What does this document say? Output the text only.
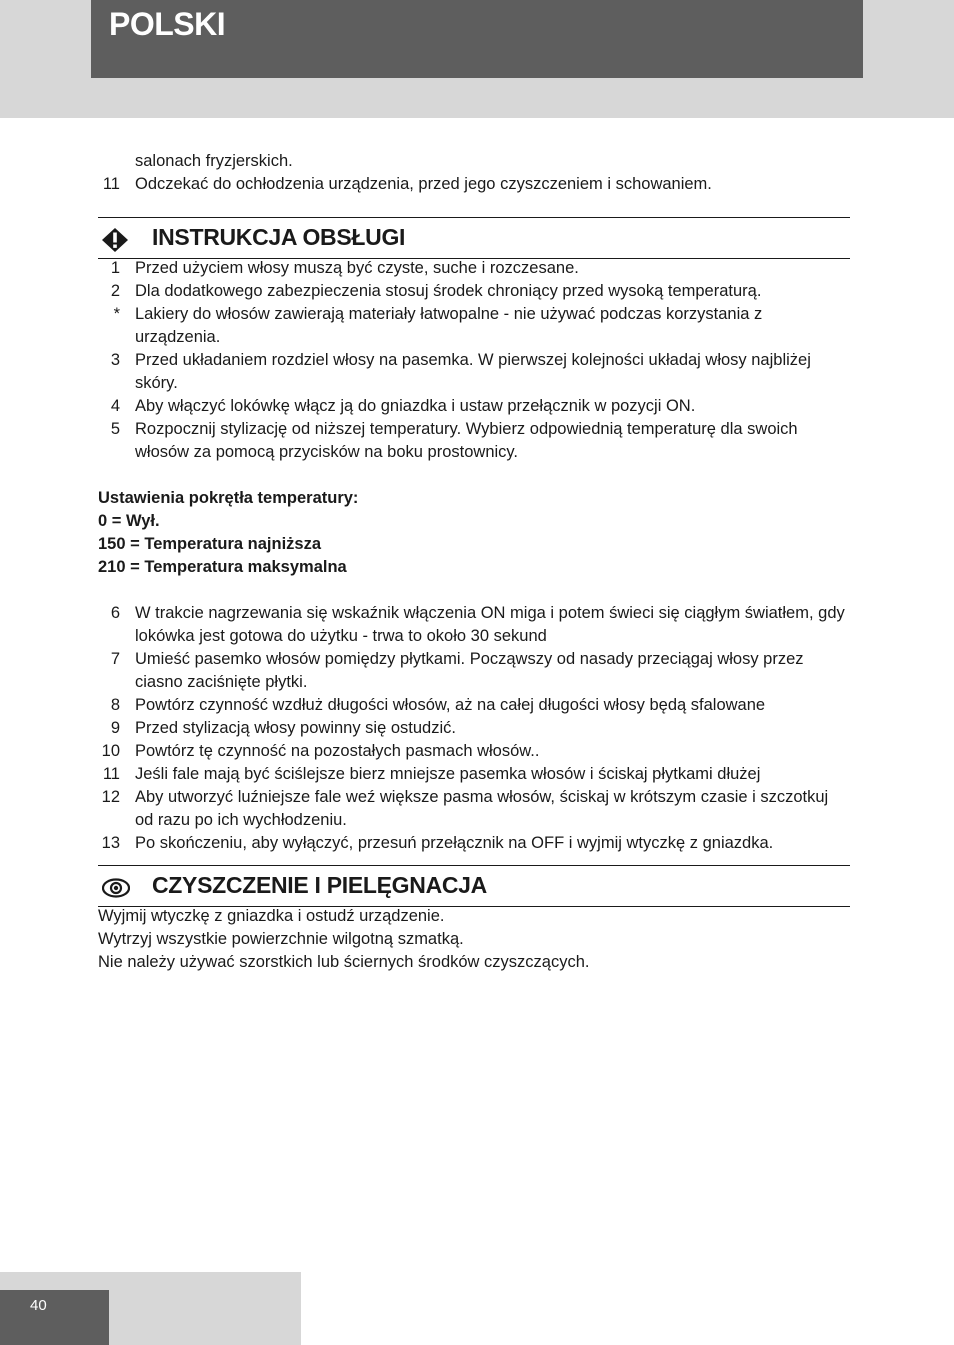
POLSKI
salonach fryzjerskich.
11 Odczekać do ochłodzenia urządzenia, przed jego czyszczeniem i schowaniem.
INSTRUKCJA OBSŁUGI
1 Przed użyciem włosy muszą być czyste, suche i rozczesane.
2 Dla dodatkowego zabezpieczenia stosuj środek chroniący przed wysoką temperaturą.
* Lakiery do włosów zawierają materiały łatwopalne - nie używać podczas korzystania z urządzenia.
3 Przed układaniem rozdziel włosy na pasemka. W pierwszej kolejności układaj włosy najbliżej skóry.
4 Aby włączyć lokówkę włącz ją do gniazdka i ustaw przełącznik w pozycji ON.
5 Rozpocznij stylizację od niższej temperatury. Wybierz odpowiednią temperaturę dla swoich włosów za pomocą przycisków na boku prostownicy.
Ustawienia pokrętła temperatury:
0 = Wył.
150 = Temperatura najniższa
210 = Temperatura maksymalna
6 W trakcie nagrzewania się wskaźnik włączenia ON miga i potem świeci się ciągłym światłem, gdy lokówka jest gotowa do użytku - trwa to około 30 sekund
7 Umieść pasemko włosów pomiędzy płytkami. Począwszy od nasady przeciągaj włosy przez ciasno zaciśnięte płytki.
8 Powtórz czynność wzdłuż długości włosów, aż na całej długości włosy będą sfalowane
9 Przed stylizacją włosy powinny się ostudzić.
10 Powtórz tę czynność na pozostałych pasmach włosów..
11 Jeśli fale mają być ściślejsze bierz mniejsze pasemka włosów i ściskaj płytkami dłużej
12 Aby utworzyć luźniejsze fale weź większe pasma włosów, ściskaj w krótszym czasie i szczotkuj od razu po ich wychłodzeniu.
13 Po skończeniu, aby wyłączyć, przesuń przełącznik na OFF i wyjmij wtyczkę z gniazdka.
CZYSZCZENIE I PIELĘGNACJA
Wyjmij wtyczkę z gniazdka i ostudź urządzenie.
Wytrzyj wszystkie powierzchnie wilgotną szmatką.
Nie należy używać szorstkich lub ściernych środków czyszczących.
40
